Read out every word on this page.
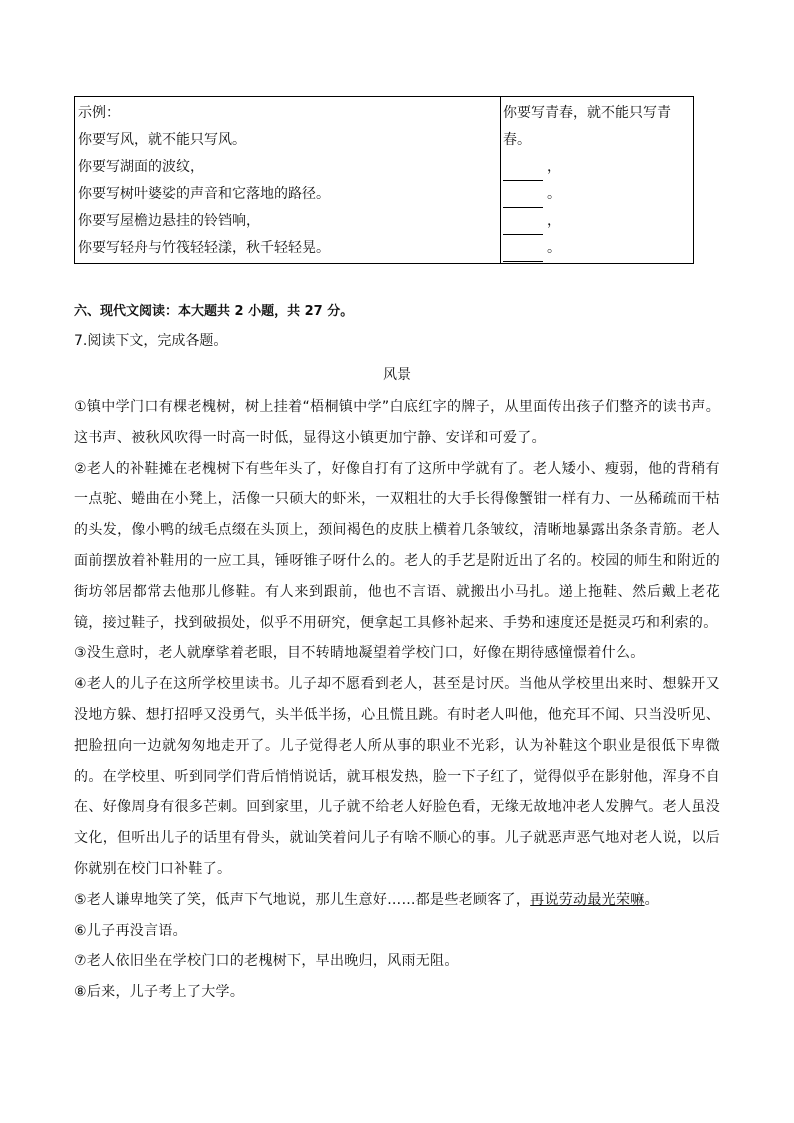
示例：
你要写风，就不能只写风。
你要写湖面的波纹，
你要写树叶婆娑的声音和它落地的路径。
你要写屋檐边悬挂的铃铛响，
你要写轻舟与竹筏轻轻漾，秋千轻轻晃。
你要写青春，就不能只写青
春。
，
。
，
。
六、现代文阅读：本大题共 2 小题，共 27 分。
7.阅读下文，完成各题。
风景

①镇中学门口有棵老槐树，树上挂着“梧桐镇中学”白底红字的牌子，从里面传出孩子们整齐的读书声。这书声、被秋风吹得一时高一时低，显得这小镇更加宁静、安详和可爱了。

②老人的补鞋摊在老槐树下有些年头了，好像自打有了这所中学就有了。老人矮小、瘦弱，他的背稍有一点驼、蜷曲在小凳上，活像一只硕大的虾米，一双粗壮的大手长得像蟹钳一样有力、一丛稀疏而干枯的头发，像小鸭的绒毛点缀在头顶上，颈间褐色的皮肤上横着几条皱纹，清晰地暴露出条条青筋。老人面前摆放着补鞋用的一应工具，锤呀锥子呀什么的。老人的手艺是附近出了名的。校园的师生和附近的街坊邻居都常去他那儿修鞋。有人来到跟前，他也不言语、就搬出小马扎。递上拖鞋、然后戴上老花镜，接过鞋子，找到破损处，似乎不用研究，便拿起工具修补起来、手势和速度还是挺灵巧和利索的。

③没生意时，老人就摩挲着老眼，目不转睛地凝望着学校门口，好像在期待感憧憬着什么。

④老人的儿子在这所学校里读书。儿子却不愿看到老人，甚至是讨厌。当他从学校里出来时、想躲开又没地方躲、想打招呼又没勇气，头半低半扬，心且慌且跳。有时老人叫他，他充耳不闻、只当没听见、把脸扭向一边就匆匆地走开了。儿子觉得老人所从事的职业不光彩，认为补鞋这个职业是很低下卑微的。在学校里、听到同学们背后悄悄说话，就耳根发热，脸一下子红了，觉得似乎在影射他，浑身不自在、好像周身有很多芒刺。回到家里，儿子就不给老人好脸色看，无缘无故地冲老人发脾气。老人虽没文化，但听出儿子的话里有骨头，就讪笑着问儿子有啥不顺心的事。儿子就恶声恶气地对老人说，以后你就别在校门口补鞋了。

⑤老人谦卑地笑了笑，低声下气地说，那儿生意好……都是些老顾客了，再说劳动最光荣嘛。

⑥儿子再没言语。

⑦老人依旧坐在学校门口的老槐树下，早出晚归，风雨无阻。

⑧后来，儿子考上了大学。
